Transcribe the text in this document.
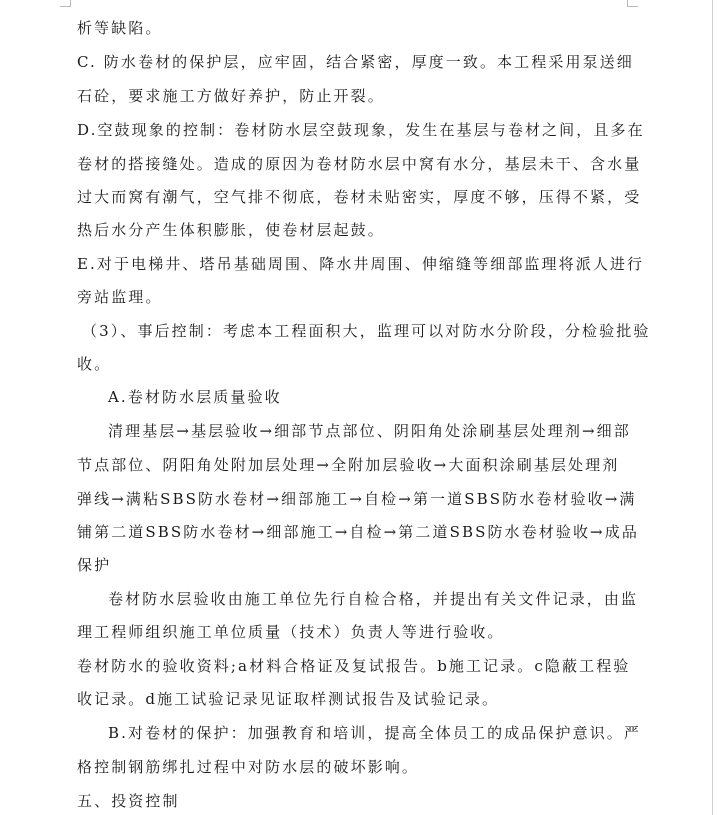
析等缺陷。
C. 防水卷材的保护层，应牢固，结合紧密，厚度一致。本工程采用泵送细
石砼，要求施工方做好养护，防止开裂。
D.空鼓现象的控制：卷材防水层空鼓现象，发生在基层与卷材之间，且多在
卷材的搭接缝处。造成的原因为卷材防水层中窝有水分，基层未干、含水量
过大而窝有潮气，空气排不彻底，卷材未贴密实，厚度不够，压得不紧，受
热后水分产生体积膨胀，使卷材层起鼓。
E.对于电梯井、塔吊基础周围、降水井周围、伸缩缝等细部监理将派人进行
旁站监理。
（3）、事后控制：考虑本工程面积大，监理可以对防水分阶段，分检验批验
收。
A.卷材防水层质量验收
清理基层→基层验收→细部节点部位、阴阳角处涂刷基层处理剂→细部
节点部位、阴阳角处附加层处理→全附加层验收→大面积涂刷基层处理剂
弹线→满粘SBS防水卷材→细部施工→自检→第一道SBS防水卷材验收→满
铺第二道SBS防水卷材→细部施工→自检→第二道SBS防水卷材验收→成品
保护
卷材防水层验收由施工单位先行自检合格，并提出有关文件记录，由监
理工程师组织施工单位质量（技术）负责人等进行验收。
卷材防水的验收资料;a材料合格证及复试报告。b施工记录。c隐蔽工程验
收记录。d施工试验记录见证取样测试报告及试验记录。
B.对卷材的保护：加强教育和培训，提高全体员工的成品保护意识。严
格控制钢筋绑扎过程中对防水层的破坏影响。
五、投资控制
